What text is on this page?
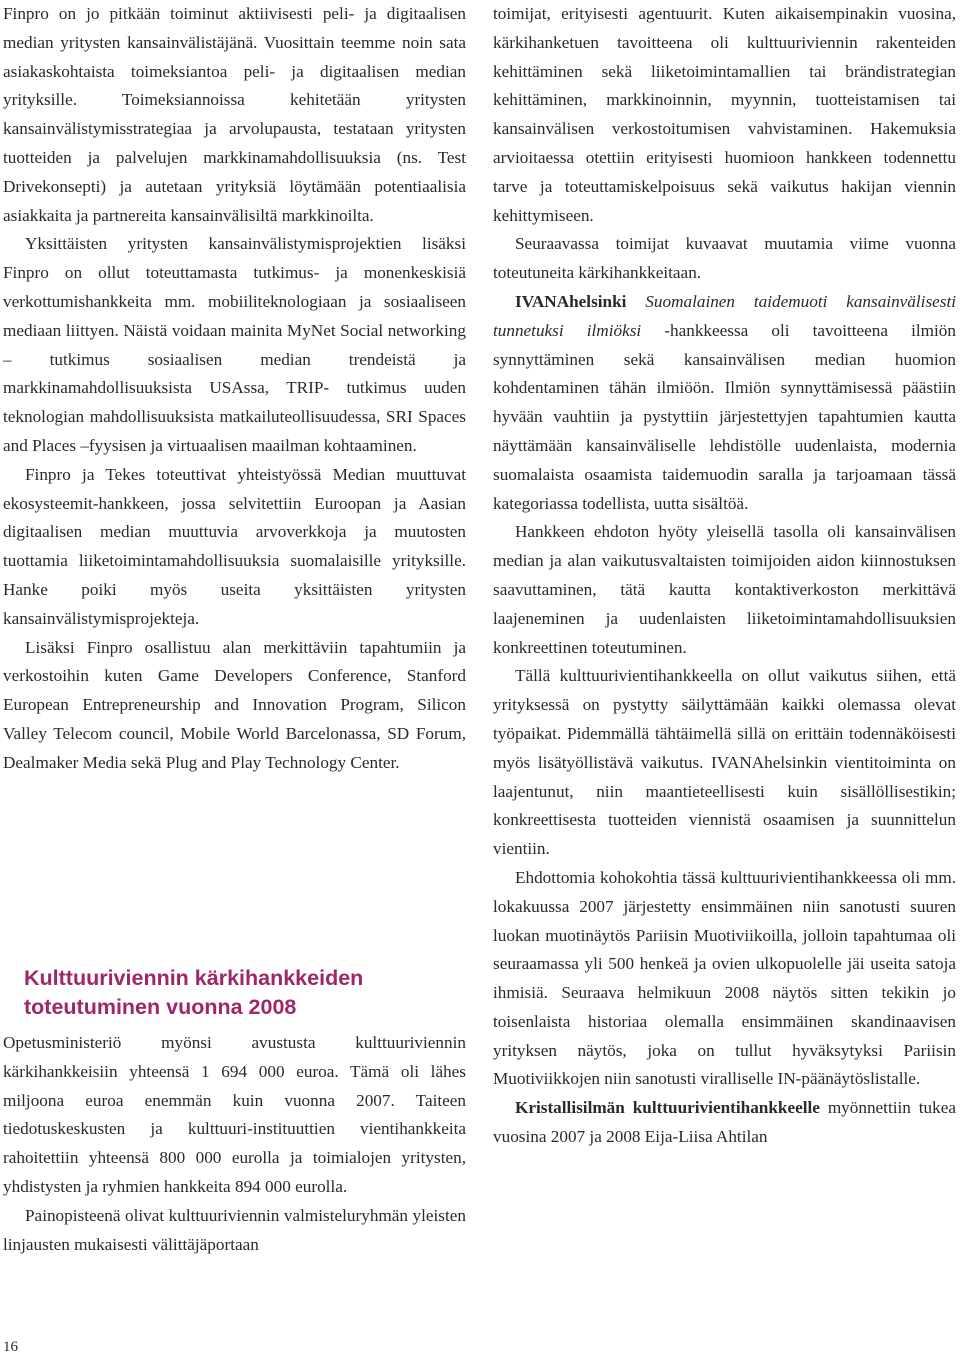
Finpro on jo pitkään toiminut aktiivisesti peli- ja digitaalisen median yritysten kansainvälistäjänä. Vuosittain teemme noin sata asiakaskohtaista toimeksiantoa peli- ja digitaalisen median yrityksille. Toimeksiannoissa kehitetään yritysten kansainvälistymisstrategiaa ja arvolupausta, testataan yritysten tuotteiden ja palvelujen markkinamahdollisuuksia (ns. Test Drivekonsepti) ja autetaan yrityksiä löytämään potentiaalisia asiakkaita ja partnereita kansainvälisiltä markkinoilta.

Yksittäisten yritysten kansainvälistymisprojektien lisäksi Finpro on ollut toteuttamasta tutkimus- ja monenkeskisiä verkottumishankkeita mm. mobiiliteknologiaan ja sosiaaliseen mediaan liittyen. Näistä voidaan mainita MyNet Social networking – tutkimus sosiaalisen median trendeistä ja markkinamahdollisuuksista USAssa, TRIP- tutkimus uuden teknologian mahdollisuuksista matkailuteollisuudessa, SRI Spaces and Places –fyysisen ja virtuaalisen maailman kohtaaminen.

Finpro ja Tekes toteuttivat yhteistyössä Median muuttuvat ekosysteemit-hankkeen, jossa selvitettiin Euroopan ja Aasian digitaalisen median muuttuvia arvoverkkoja ja muutosten tuottamia liiketoimintamahdollisuuksia suomalaisille yrityksille. Hanke poiki myös useita yksittäisten yritysten kansainvälistymisprojekteja.

Lisäksi Finpro osallistuu alan merkittäviin tapahtumiin ja verkostoihin kuten Game Developers Conference, Stanford European Entrepreneurship and Innovation Program, Silicon Valley Telecom council, Mobile World Barcelonassa, SD Forum, Dealmaker Media sekä Plug and Play Technology Center.

Kulttuuriviennin kärkihankkeiden toteutuminen vuonna 2008

Opetusministeriö myönsi avustusta kulttuuriviennin kärkihankkeisiin yhteensä 1 694 000 euroa. Tämä oli lähes miljoona euroa enemmän kuin vuonna 2007. Taiteen tiedotuskeskusten ja kulttuuri-instituuttien vientihankkeita rahoitettiin yhteensä 800 000 eurolla ja toimialojen yritysten, yhdistysten ja ryhmien hankkeita 894 000 eurolla.

Painopisteenä olivat kulttuuriviennin valmisteluryhmän yleisten linjausten mukaisesti välittäjäportaan

toimijat, erityisesti agentuurit. Kuten aikaisempinakin vuosina, kärkihanketuen tavoitteena oli kulttuuriviennin rakenteiden kehittäminen sekä liiketoimintamallien tai brändistrategian kehittäminen, markkinoinnin, myynnin, tuotteistamisen tai kansainvälisen verkostoitumisen vahvistaminen. Hakemuksia arvioitaessa otettiin erityisesti huomioon hankkeen todennettu tarve ja toteuttamiskelpoisuus sekä vaikutus hakijan viennin kehittymiseen.

Seuraavassa toimijat kuvaavat muutamia viime vuonna toteutuneita kärkihankkeitaan.

IVANAhelsinki Suomalainen taidemuoti kansainvälisesti tunnetuksi ilmiöksi -hankkeessa oli tavoitteena ilmiön synnyttäminen sekä kansainvälisen median huomion kohdentaminen tähän ilmiöön. Ilmiön synnyttämisessä päästiin hyvään vauhtiin ja pystyttiin järjestettyjen tapahtumien kautta näyttämään kansainväliselle lehdistölle uudenlaista, modernia suomalaista osaamista taidemuodin saralla ja tarjoamaan tässä kategoriassa todellista, uutta sisältöä.

Hankkeen ehdoton hyöty yleisellä tasolla oli kansainvälisen median ja alan vaikutusvaltaisten toimijoiden aidon kiinnostuksen saavuttaminen, tätä kautta kontaktiverkoston merkittävä laajeneminen ja uudenlaisten liiketoimintamahdollisuuksien konkreettinen toteutuminen.

Tällä kulttuurivientihankkeella on ollut vaikutus siihen, että yrityksessä on pystytty säilyttämään kaikki olemassa olevat työpaikat. Pidemmällä tähtäimellä sillä on erittäin todennäköisesti myös lisätyöllistävä vaikutus. IVANAhelsinkin vientitoiminta on laajentunut, niin maantieteellisesti kuin sisällöllisestikin; konkreettisesta tuotteiden viennistä osaamisen ja suunnittelun vientiin.

Ehdottomia kohokohtia tässä kulttuurivientihankkeessa oli mm. lokakuussa 2007 järjestetty ensimmäinen niin sanotusti suuren luokan muotinäytös Pariisin Muotiviikoilla, jolloin tapahtumaa oli seuraamassa yli 500 henkeä ja ovien ulkopuolelle jäi useita satoja ihmisiä. Seuraava helmikuun 2008 näytös sitten tekikin jo toisenlaista historiaa olemalla ensimmäinen skandinaavisen yrityksen näytös, joka on tullut hyväksytyksi Pariisin Muotiviikkojen niin sanotusti viralliselle IN-päänäytöslistalle.

Kristallisilmän kulttuurivientihankkeelle myönnettiin tukea vuosina 2007 ja 2008 Eija-Liisa Ahtilan

16
